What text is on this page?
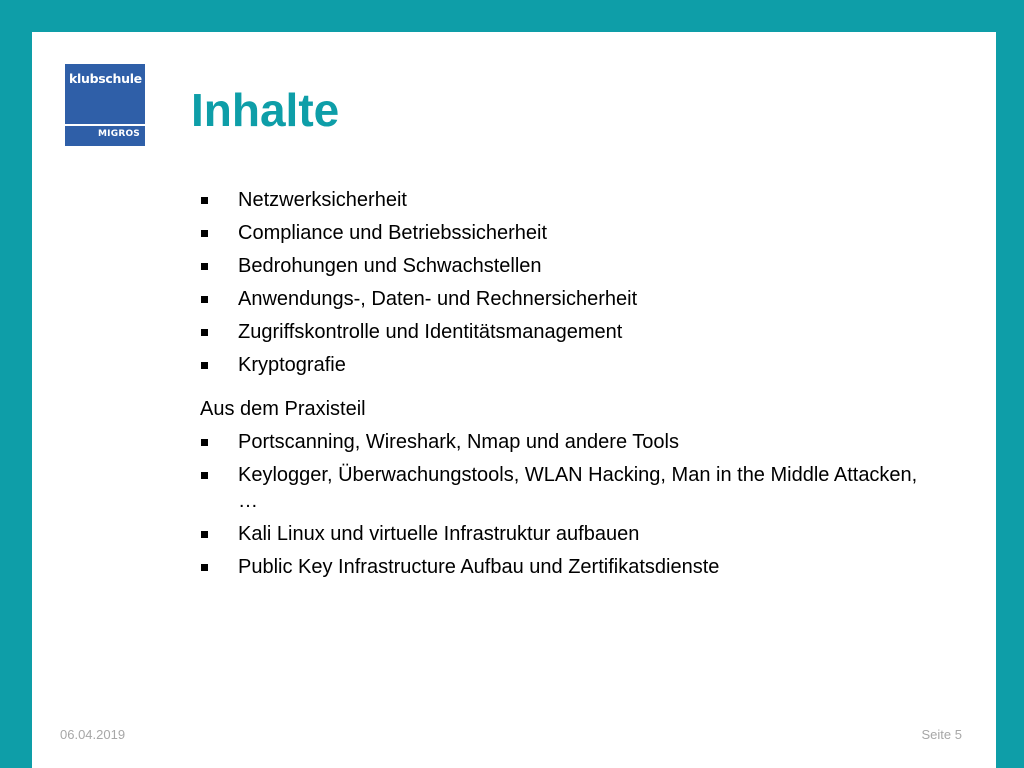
klubschule
MIGROS Inhalte
Netzwerksicherheit
Compliance und Betriebssicherheit
Bedrohungen und Schwachstellen
Anwendungs-, Daten- und Rechnersicherheit
Zugriffskontrolle und Identitätsmanagement
Kryptografie
Aus dem Praxisteil
Portscanning, Wireshark, Nmap und andere Tools
Keylogger, Überwachungstools, WLAN Hacking, Man in the Middle Attacken, …
Kali Linux und virtuelle Infrastruktur aufbauen
Public Key Infrastructure Aufbau und Zertifikatsdienste
06.04.2019	Seite 5
